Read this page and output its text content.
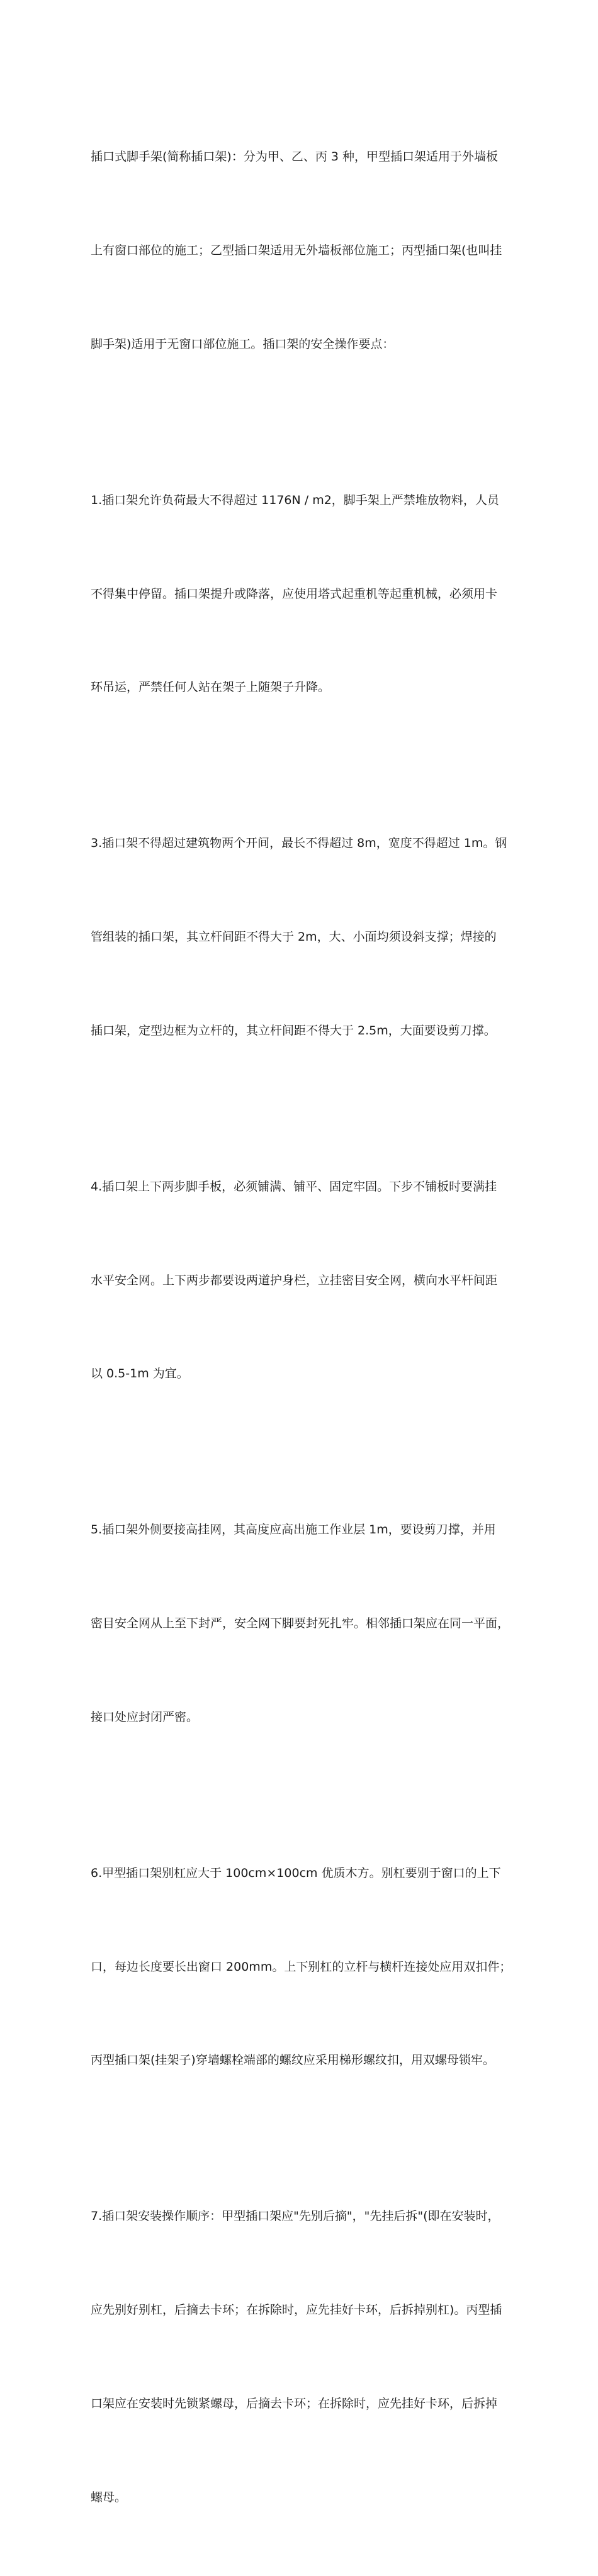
插口式脚手架(简称插口架)：分为甲、乙、丙 3 种，甲型插口架适用于外墙板

上有窗口部位的施工；乙型插口架适用无外墙板部位施工；丙型插口架(也叫挂

脚手架)适用于无窗口部位施工。插口架的安全操作要点：

1.插口架允许负荷最大不得超过 1176N / m2，脚手架上严禁堆放物料，人员

不得集中停留。插口架提升或降落，应使用塔式起重机等起重机械，必须用卡

环吊运，严禁任何人站在架子上随架子升降。

3.插口架不得超过建筑物两个开间，最长不得超过 8m，宽度不得超过 1m。钢

管组装的插口架，其立杆间距不得大于 2m，大、小面均须设斜支撑；焊接的

插口架，定型边框为立杆的，其立杆间距不得大于 2.5m，大面要设剪刀撑。

4.插口架上下两步脚手板，必须铺满、铺平、固定牢固。下步不铺板时要满挂

水平安全网。上下两步都要设两道护身栏，立挂密目安全网，横向水平杆间距

以 0.5-1m 为宜。

5.插口架外侧要接高挂网，其高度应高出施工作业层 1m，要设剪刀撑，并用

密目安全网从上至下封严，安全网下脚要封死扎牢。相邻插口架应在同一平面，

接口处应封闭严密。

6.甲型插口架别杠应大于 100cm×100cm 优质木方。别杠要别于窗口的上下

口，每边长度要长出窗口 200mm。上下别杠的立杆与横杆连接处应用双扣件；

丙型插口架(挂架子)穿墙螺栓端部的螺纹应采用梯形螺纹扣，用双螺母锁牢。

7.插口架安装操作顺序：甲型插口架应"先别后摘"，"先挂后拆"(即在安装时，

应先别好别杠，后摘去卡环；在拆除时，应先挂好卡环，后拆掉别杠)。丙型插

口架应在安装时先锁紧螺母，后摘去卡环；在拆除时，应先挂好卡环，后拆掉

螺母。
